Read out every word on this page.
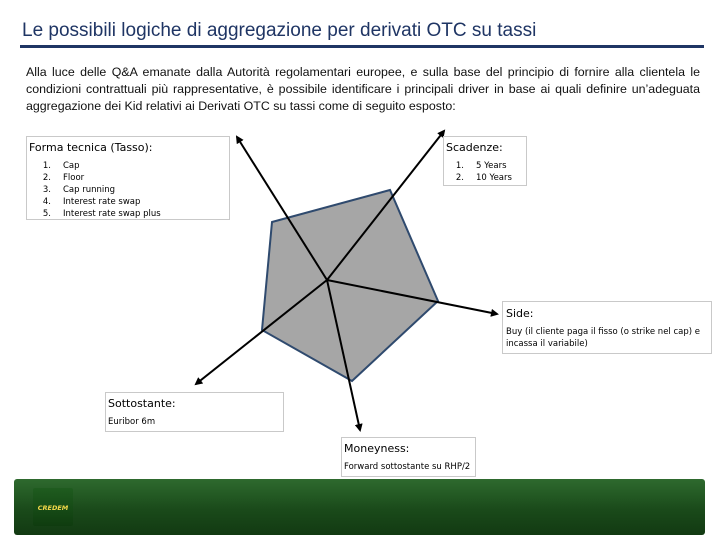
Le possibili logiche di aggregazione per derivati OTC su tassi
Alla luce delle Q&A emanate dalla Autorità regolamentari europee, e sulla base del principio di fornire alla clientela le condizioni contrattuali più rappresentative, è possibile identificare i principali driver in base ai quali definire un’adeguata aggregazione dei Kid relativi ai Derivati OTC su tassi come di seguito esposto:
Forma tecnica (Tasso):
1. Cap
2. Floor
3. Cap running
4. Interest rate swap
5. Interest rate swap plus
Scadenze:
1. 5 Years
2. 10 Years
Side:
Buy (il cliente paga il fisso (o strike nel cap) e incassa il variabile)
Sottostante:
Euribor 6m
Moneyness:
Forward sottostante su RHP/2
CREDEM
